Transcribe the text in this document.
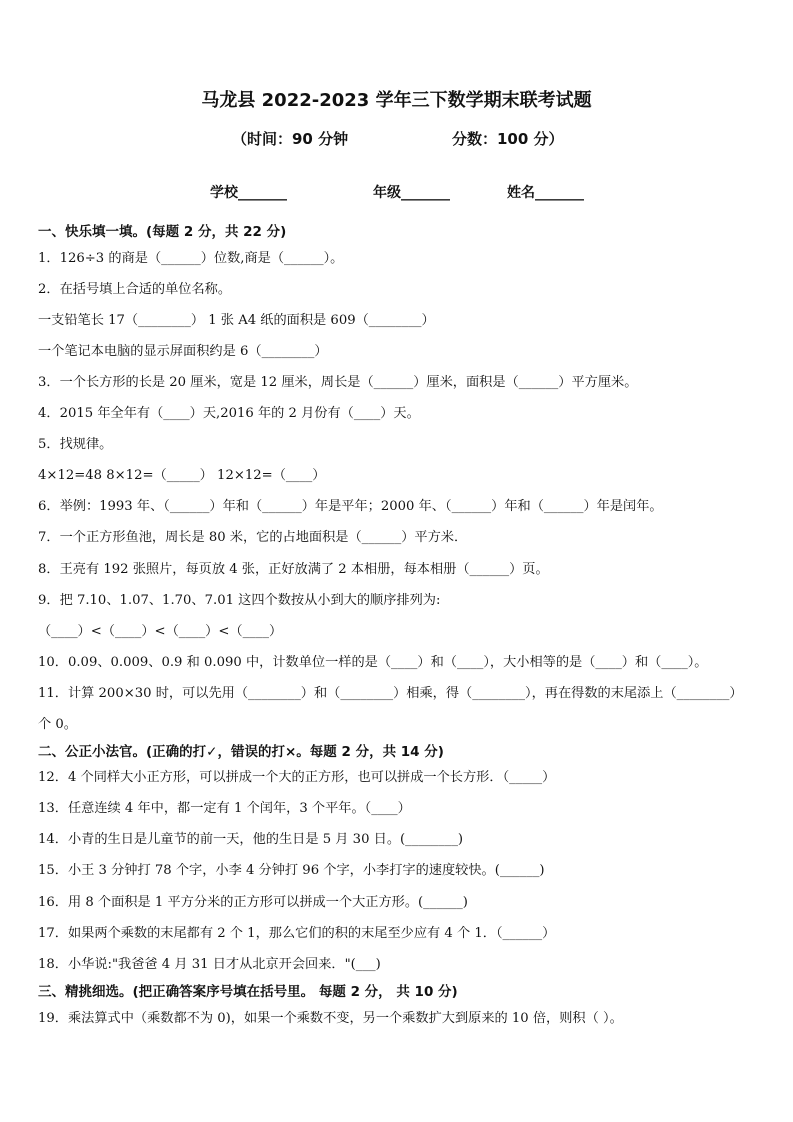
马龙县 2022-2023 学年三下数学期末联考试题
（时间：90 分钟	分数：100 分）
学校_______	年级_______	姓名_______
一、快乐填一填。(每题 2 分，共 22 分)
1．126÷3 的商是（______）位数,商是（______）。
2．在括号填上合适的单位名称。
一支铅笔长 17（________） 1 张 A4 纸的面积是 609（________）
一个笔记本电脑的显示屏面积约是 6（________）
3．一个长方形的长是 20 厘米，宽是 12 厘米，周长是（______）厘米，面积是（______）平方厘米。
4．2015 年全年有（____）天,2016 年的 2 月份有（____）天。
5．找规律。
4×12=48 8×12=（_____） 12×12=（____）
6．举例：1993 年、（______）年和（______）年是平年；2000 年、（______）年和（______）年是闰年。
7．一个正方形鱼池，周长是 80 米，它的占地面积是（______）平方米．
8．王亮有 192 张照片，每页放 4 张，正好放满了 2 本相册，每本相册（______）页。
9．把 7.10、1.07、1.70、7.01 这四个数按从小到大的顺序排列为:
（____）<（____）<（____）<（____）
10．0.09、0.009、0.9 和 0.090 中，计数单位一样的是（____）和（____），大小相等的是（____）和（____）。
11．计算 200×30 时，可以先用（________）和（________）相乘，得（________），再在得数的末尾添上（________）
个 0。
二、公正小法官。(正确的打✓，错误的打×。每题 2 分，共 14 分)
12．4 个同样大小正方形，可以拼成一个大的正方形，也可以拼成一个长方形．（_____）
13．任意连续 4 年中，都一定有 1 个闰年，3 个平年。（____）
14．小青的生日是儿童节的前一天，他的生日是 5 月 30 日。(________)
15．小王 3 分钟打 78 个字，小李 4 分钟打 96 个字，小李打字的速度较快。(______)
16．用 8 个面积是 1 平方分米的正方形可以拼成一个大正方形。(______)
17．如果两个乘数的末尾都有 2 个 1，那么它们的积的末尾至少应有 4 个 1．（______）
18．小华说:"我爸爸 4 月 31 日才从北京开会回来．"(___)
三、精挑细选。(把正确答案序号填在括号里。 每题 2 分， 共 10 分)
19．乘法算式中（乘数都不为 0)，如果一个乘数不变，另一个乘数扩大到原来的 10 倍，则积（ ）。
